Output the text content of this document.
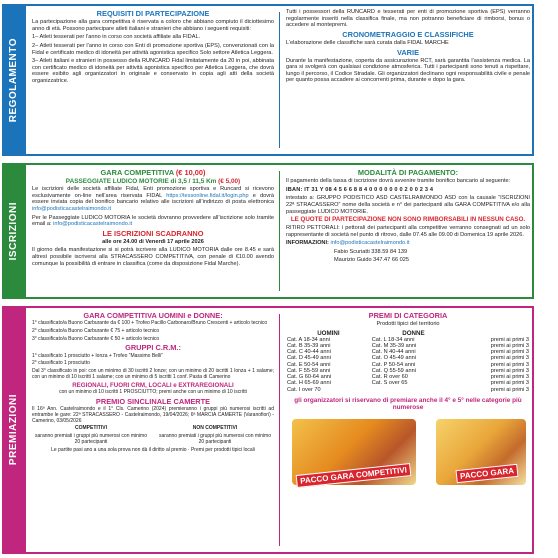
REQUISITI DI PARTECIPAZIONE
La partecipazione alla gara competitiva è riservata a coloro che abbiano compiuto il diciottesimo anno di età. Possono partecipare atleti italiani e stranieri che abbiano i seguenti requisiti:
1– Atleti tesserati per l’anno in corso con società affiliate alla FIDAL.
2– Atleti tesserati per l’anno in corso con Enti di promozione sportiva (EPS), convenzionati con la Fidal e certificato medico di idoneità per attività agonistica specifico Solo settore Atletica Leggera.
3– Atleti italiani e stranieri in possesso della RUNCARD Fidal limitatamente da 20 in poi, abbinata con certificato medico di idoneità per attività agonistica specifico per Atletica Leggera, che dovrà essere esibito agli organizzatori in originale e conservato in copia agli atti della società organizzatrice.
Tutti i possessori della RUNCARD e tesserati per enti di promozione sportiva (EPS) verranno regolarmente inseriti nella classifica finale, ma non potranno beneficiare di rimborsi, bonus o accedere al montepremi.
CRONOMETRAGGIO E CLASSIFICHE
L’elaborazione delle classifiche sarà curata dalla FIDAL MARCHE
VARIE
Durante la manifestazione, coperta da assicurazione RCT, sarà garantita l’assistenza medica. La gara si svolgerà con qualsiasi condizione atmosferica. Tutti i partecipanti sono tenuti a rispettare, lungo il percorso, il Codice Stradale. Gli organizzatori declinano ogni responsabilità civile e penale per quanto possa accadere ai concorrenti prima, durante e dopo la gara.
REGOLAMENTO
GARA COMPETITIVA (€ 10,00)
PASSEGGIATE LUDICO MOTORIE di 3,5 / 11,5 Km (€ 5,00)
Le iscrizioni delle società affiliate Fidal, Enti promozione sportiva e Runcard si ricevono esclusivamente on-line nell’area riservata FIDAL https://tessonline.fidal.it/login.php e dovrà essere inviata copia del bonifico bancario relativo alle iscrizioni all’indirizzo di posta elettronica info@podisticacastelraimondo.it
Per le Passeggiate LUDICO MOTORIA le società dovranno provvedere all’iscrizione solo tramite email a: info@podisticacastelraimondo.it
LE ISCRIZIONI SCADRANNO
alle ore 24.00 di Venerdì 17 aprile 2026
Il giorno della manifestazione si si potrà iscrivere alla LUDICO MOTORIA dalle ore 8.45 e sarà altresì possibile iscriversi alla STRACASSERO COMPETITIVA, con penale di €10.00 avendo comunque la possibilità di entrare in classifica (come da disposizione Fidal Marche).
MODALITÀ DI PAGAMENTO:
Il pagamento della tassa di iscrizione dovrà avvenire tramite bonifico bancario al seguente:
IBAN: IT 31 Y 08 4 5 6 6 8 8 4 0 0 0 0 0 0 0 2 0 0 2 3 4
intestato a: GRUPPO PODISTICO ASD CASTELRAIMONDO ASD con la causale “ISCRIZIONI 22ª STRACASSERO” nome della società e n° dei partecipanti alla GARA COMPETITIVA e/o alla passeggiate LUDICO MOTORIE.
LE QUOTE DI PARTECIPAZIONE NON SONO RIMBORSABILI IN NESSUN CASO.
RITIRO PETTORALI: i pettorali dei partecipanti alla competitive verranno consegnati ad un solo rappresentante di società nel punto di ritrovo, dalle 07.45 alle 09.00 di Domenica 19 aprile 2026.
INFORMAZIONI: info@podisticacastelraimondo.it
Fabio Scuriatti 338.59 84 139
Maurizio Guido 347.47 66 025
ISCRIZIONI
GARA COMPETITIVA UOMINI e DONNE:
1° classificato/a Buono Carburante da € 100 + Trofeo Pacillo Carbonaro/Bruno Crescenti + articolo tecnico
2° classificato/a Buono Carburante € 75 + articolo tecnico
3° classificato/a Buono Carburante € 50 + articolo tecnico
GRUPPI C.R.M.:
1° classificato 1 prosciutto + lonza + Trofeo “Massimo Belli”
2° classificato 1 prosciutto
Dal 3° classificato in poi: con un minimo di 30 iscritti 2 lonze; con un minimo di 20 iscritti 1 lonza + 1 salame; con un minimo di 10 iscritti 1 salame; con un minimo di 5 iscritti 1 conf. Pasta di Camerino
REGIONALI, FUORI CRM, LOCALI e EXTRAREGIONALI
con un minimo di 10 iscritti 1 PROSCIUTTO; premi anche con un minimo di 10 iscritti
PREMIO SINCLINALE CAMERTE
Il 16ª Ann. Castelraimondo e il 1° Cls. Camerino (2024) premieranno i gruppi più numerosi iscritti ad entrambe le gare: 22ª STRACASSERO - Castelraimondo, 19/04/2026; 6ª MARCIA CAMERTE (Varanofiori) - Camerino, 03/05/2026
COMPETITIVI
saranno premiati i gruppi più numerosi con minimo 20 partecipanti
NON COMPETITIVI
saranno premiati i gruppi più numerosi con minimo 20 partecipanti
Le partite pasi ano a una sola prova non dà il diritto al premio · Premi per prodotti tipici locali
PREMI DI CATEGORIA
Prodotti tipici del territorio
UOMINI	DONNE	
Cat. A 18-34 anni	Cat. L 18-34 anni	premi ai primi 3
Cat. B 35-39 anni	Cat. M 35-39 anni	premi ai primi 3
Cat. C 40-44 anni	Cat. N 40-44 anni	premi ai primi 3
Cat. D 45-49 anni	Cat. O 45-49 anni	premi ai primi 3
Cat. E 50-54 anni	Cat. P 50-54 anni	premi ai primi 3
Cat. F 55-59 anni	Cat. Q 55-59 anni	premi ai primi 3
Cat. G 60-64 anni	Cat. R over 60	premi ai primi 3
Cat. H 65-69 anni	Cat. S over 65	premi ai primi 3
Cat. I over 70		premi ai primi 3
gli organizzatori si riservano di premiare anche il 4° e 5° nelle categorie più numerose
PACCO GARA COMPETITIVI	PACCO GARA
PREMIAZIONI
